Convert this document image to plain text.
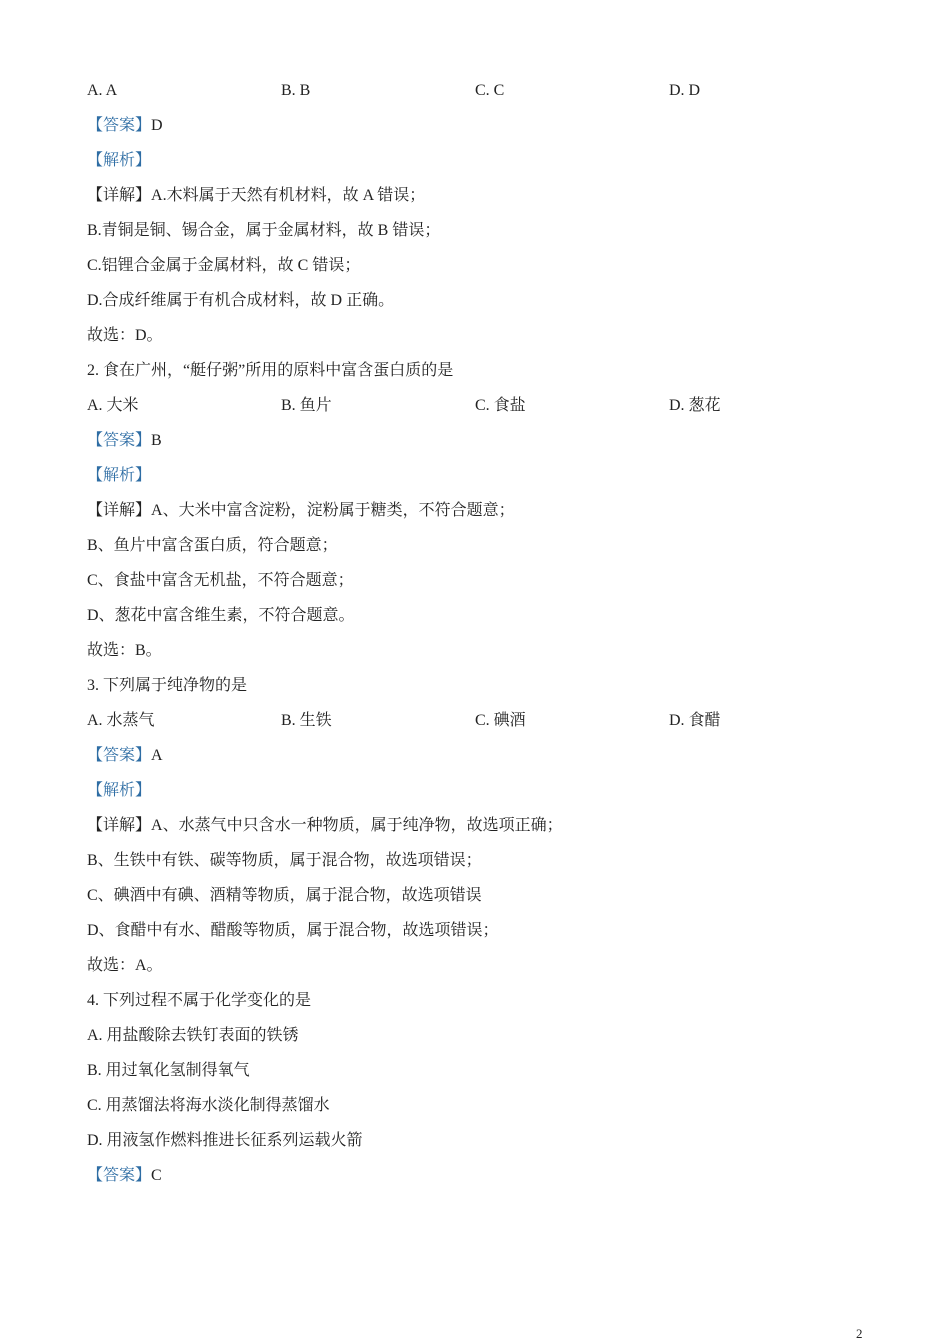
A. A	B. B	C. C	D. D
【答案】D
【解析】
【详解】A.木料属于天然有机材料，故 A 错误；
B.青铜是铜、锡合金，属于金属材料，故 B 错误；
C.铝锂合金属于金属材料，故 C 错误；
D.合成纤维属于有机合成材料，故 D 正确。
故选：D。
2. 食在广州，“艇仔粥”所用的原料中富含蛋白质的是
A. 大米	B. 鱼片	C. 食盐	D. 葱花
【答案】B
【解析】
【详解】A、大米中富含淀粉，淀粉属于糖类，不符合题意；
B、鱼片中富含蛋白质，符合题意；
C、食盐中富含无机盐，不符合题意；
D、葱花中富含维生素，不符合题意。
故选：B。
3. 下列属于纯净物的是
A. 水蒸气	B. 生铁	C. 碘酒	D. 食醋
【答案】A
【解析】
【详解】A、水蒸气中只含水一种物质，属于纯净物，故选项正确；
B、生铁中有铁、碳等物质，属于混合物，故选项错误；
C、碘酒中有碘、酒精等物质，属于混合物，故选项错误
D、食醋中有水、醋酸等物质，属于混合物，故选项错误；
故选：A。
4. 下列过程不属于化学变化的是
A. 用盐酸除去铁钉表面的铁锈
B. 用过氧化氢制得氧气
C. 用蒸馏法将海水淡化制得蒸馏水
D. 用液氢作燃料推进长征系列运载火箭
【答案】C
2
